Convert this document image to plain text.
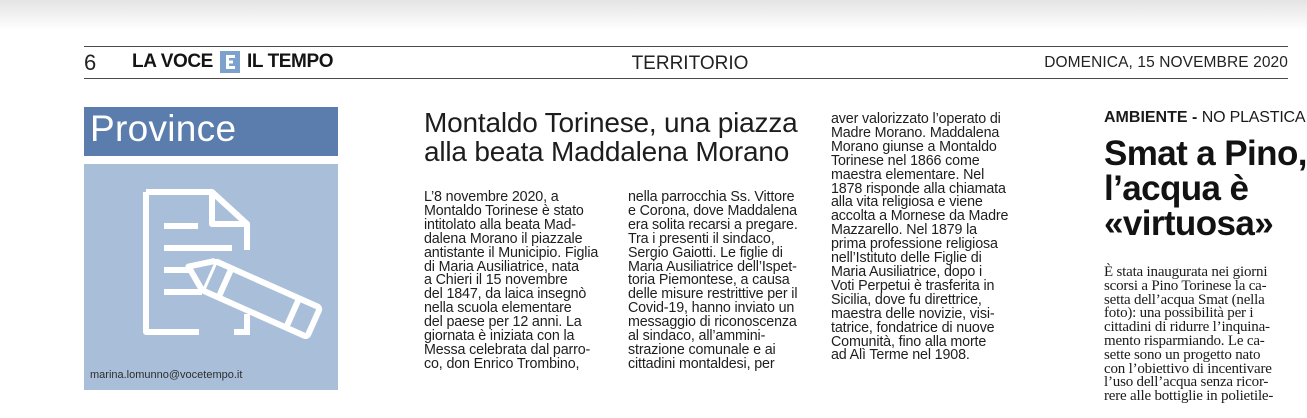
6 LA VOCE IL TEMPO	TERRITORIO	DOMENICA, 15 NOVEMBRE 2020
Province
marina.lomunno@vocetempo.it
Montaldo Torinese, una piazza
alla beata Maddalena Morano
L’8 novembre 2020, a
Montaldo Torinese è stato
intitolato alla beata Mad-
dalena Morano il piazzale
antistante il Municipio. Figlia
di Maria Ausiliatrice, nata
a Chieri il 15 novembre
del 1847, da laica insegnò
nella scuola elementare
del paese per 12 anni. La
giornata è iniziata con la
Messa celebrata dal parro-
co, don Enrico Trombino,
nella parrocchia Ss. Vittore
e Corona, dove Maddalena
era solita recarsi a pregare.
Tra i presenti il sindaco,
Sergio Gaiotti. Le figlie di
Maria Ausiliatrice dell’Ispet-
toria Piemontese, a causa
delle misure restrittive per il
Covid-19, hanno inviato un
messaggio di riconoscenza
al sindaco, all’ammini-
strazione comunale e ai
cittadini montaldesi, per
aver valorizzato l’operato di
Madre Morano. Maddalena
Morano giunse a Montaldo
Torinese nel 1866 come
maestra elementare. Nel
1878 risponde alla chiamata
alla vita religiosa e viene
accolta a Mornese da Madre
Mazzarello. Nel 1879 la
prima professione religiosa
nell’Istituto delle Figlie di
Maria Ausiliatrice, dopo i
Voti Perpetui è trasferita in
Sicilia, dove fu direttrice,
maestra delle novizie, visi-
tatrice, fondatrice di nuove
Comunità, fino alla morte
ad Alì Terme nel 1908.
AMBIENTE - NO PLASTICA
Smat a Pino,
l’acqua è
«virtuosa»
È stata inaugurata nei giorni
scorsi a Pino Torinese la ca-
setta dell’acqua Smat (nella
foto): una possibilità per i
cittadini di ridurre l’inquina-
mento risparmiando. Le ca-
sette sono un progetto nato
con l’obiettivo di incentivare
l’uso dell’acqua senza ricor-
rere alle bottiglie in polietile-
